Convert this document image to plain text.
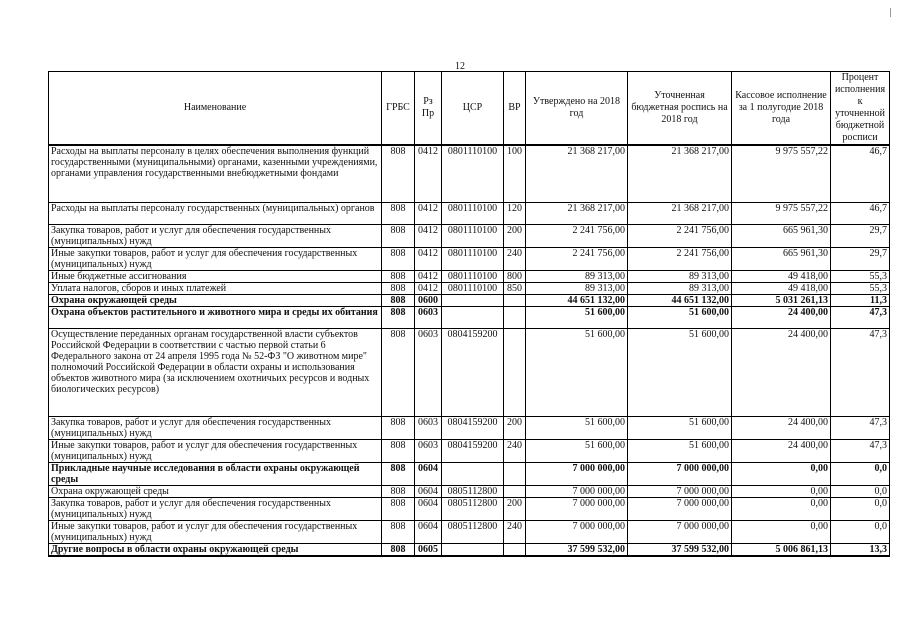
12
Наименование	ГРБС	Рз Пр	ЦСР	ВР	Утверждено на 2018 год	Уточненная бюджетная роспись на 2018 год	Кассовое исполнение за 1 полугодие 2018 года	Процент исполнения к уточненной бюджетной росписи
Расходы на выплаты персоналу в целях обеспечения выполнения функций государственными (муниципальными) органами, казенными учреждениями, органами управления государственными внебюджетными фондами	808	0412	0801110100	100	21 368 217,00	21 368 217,00	9 975 557,22	46,7
Расходы на выплаты персоналу государственных (муниципальных) органов	808	0412	0801110100	120	21 368 217,00	21 368 217,00	9 975 557,22	46,7
Закупка товаров, работ и услуг для обеспечения государственных (муниципальных) нужд	808	0412	0801110100	200	2 241 756,00	2 241 756,00	665 961,30	29,7
Иные закупки товаров, работ и услуг для обеспечения государственных (муниципальных) нужд	808	0412	0801110100	240	2 241 756,00	2 241 756,00	665 961,30	29,7
Иные бюджетные ассигнования	808	0412	0801110100	800	89 313,00	89 313,00	49 418,00	55,3
Уплата налогов, сборов и иных платежей	808	0412	0801110100	850	89 313,00	89 313,00	49 418,00	55,3
Охрана окружающей среды	808	0600			44 651 132,00	44 651 132,00	5 031 261,13	11,3
Охрана объектов растительного и животного мира и среды их обитания	808	0603			51 600,00	51 600,00	24 400,00	47,3
Осуществление переданных органам государственной власти субъектов Российской Федерации в соответствии с частью первой статьи 6 Федерального закона от 24 апреля 1995 года № 52-ФЗ "О животном мире" полномочий Российской Федерации в области охраны и использования объектов животного мира (за исключением охотничьих ресурсов и водных биологических ресурсов)	808	0603	0804159200		51 600,00	51 600,00	24 400,00	47,3
Закупка товаров, работ и услуг для обеспечения государственных (муниципальных) нужд	808	0603	0804159200	200	51 600,00	51 600,00	24 400,00	47,3
Иные закупки товаров, работ и услуг для обеспечения государственных (муниципальных) нужд	808	0603	0804159200	240	51 600,00	51 600,00	24 400,00	47,3
Прикладные научные исследования в области охраны окружающей среды	808	0604			7 000 000,00	7 000 000,00	0,00	0,0
Охрана окружающей среды	808	0604	0805112800		7 000 000,00	7 000 000,00	0,00	0,0
Закупка товаров, работ и услуг для обеспечения государственных (муниципальных) нужд	808	0604	0805112800	200	7 000 000,00	7 000 000,00	0,00	0,0
Иные закупки товаров, работ и услуг для обеспечения государственных (муниципальных) нужд	808	0604	0805112800	240	7 000 000,00	7 000 000,00	0,00	0,0
Другие вопросы в области охраны окружающей среды	808	0605			37 599 532,00	37 599 532,00	5 006 861,13	13,3
